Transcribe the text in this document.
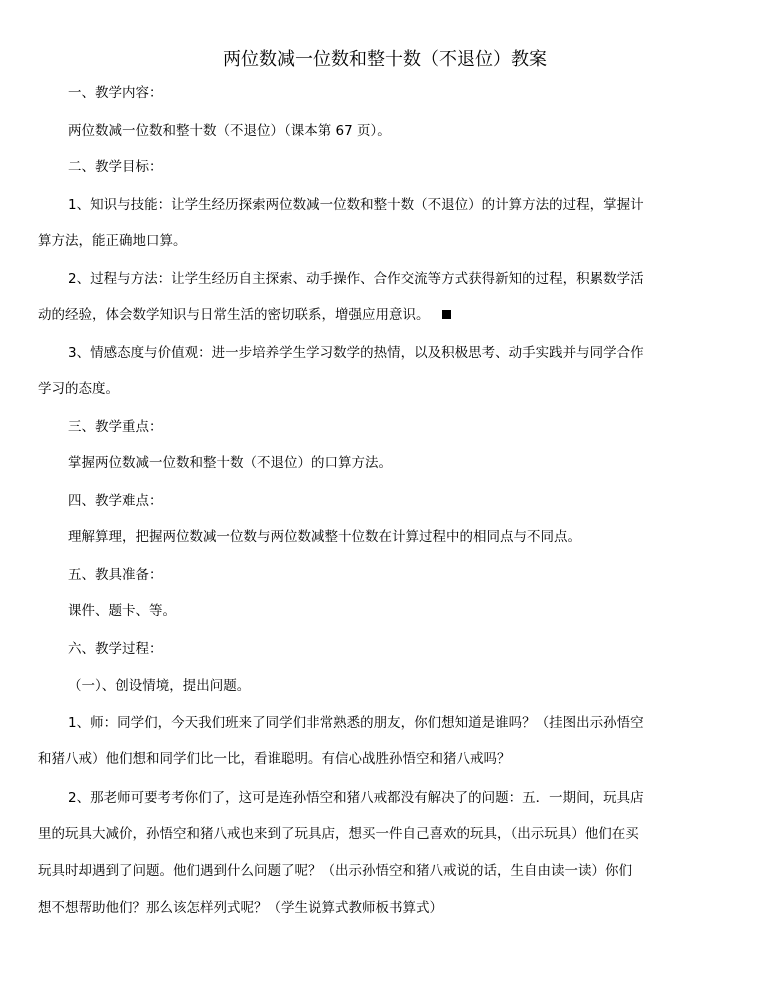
两位数减一位数和整十数（不退位）教案

一、教学内容：

两位数减一位数和整十数（不退位）（课本第 67 页）。

二、教学目标：

1、知识与技能：让学生经历探索两位数减一位数和整十数（不退位）的计算方法的过程，掌握计

算方法，能正确地口算。

2、过程与方法：让学生经历自主探索、动手操作、合作交流等方式获得新知的过程，积累数学活

动的经验，体会数学知识与日常生活的密切联系，增强应用意识。

3、情感态度与价值观：进一步培养学生学习数学的热情，以及积极思考、动手实践并与同学合作

学习的态度。

三、教学重点：

掌握两位数减一位数和整十数（不退位）的口算方法。

四、教学难点：

理解算理，把握两位数减一位数与两位数减整十位数在计算过程中的相同点与不同点。

五、教具准备：

课件、题卡、等。

六、教学过程：

（一）、创设情境，提出问题。

1、师：同学们，今天我们班来了同学们非常熟悉的朋友，你们想知道是谁吗？（挂图出示孙悟空

和猪八戒）他们想和同学们比一比，看谁聪明。有信心战胜孙悟空和猪八戒吗？

2、那老师可要考考你们了，这可是连孙悟空和猪八戒都没有解决了的问题：五．一期间，玩具店

里的玩具大减价，孙悟空和猪八戒也来到了玩具店，想买一件自己喜欢的玩具，（出示玩具）他们在买

玩具时却遇到了问题。他们遇到什么问题了呢？（出示孙悟空和猪八戒说的话，生自由读一读）你们

想不想帮助他们？那么该怎样列式呢？（学生说算式教师板书算式）
